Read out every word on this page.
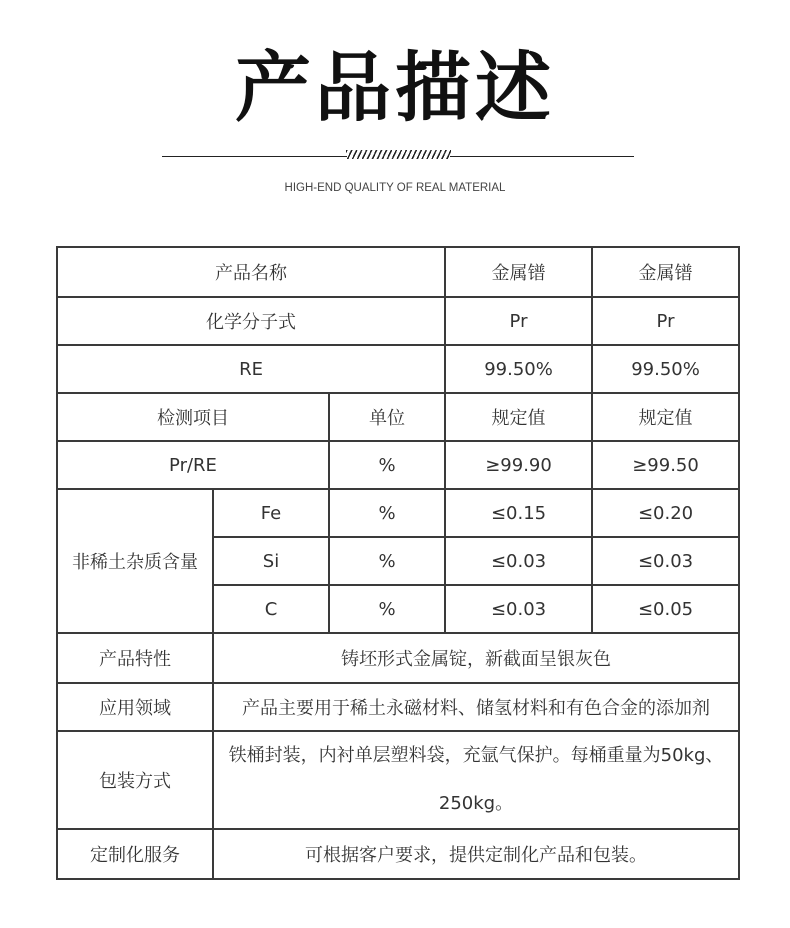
产品描述
HIGH-END QUALITY OF REAL MATERIAL
产品名称			金属镨	金属镨
化学分子式			Pr	Pr
RE			99.50%	99.50%
检测项目		单位	规定值	规定值
Pr/RE		%	≥99.90	≥99.50
非稀土杂质含量	Fe	%	≤0.15	≤0.20
	Si	%	≤0.03	≤0.03
	C	%	≤0.03	≤0.05
产品特性	铸坯形式金属锭，新截面呈银灰色			
应用领域	产品主要用于稀土永磁材料、储氢材料和有色合金的添加剂			
包装方式	铁桶封装，内衬单层塑料袋，充氩气保护。每桶重量为50kg、250kg。			
定制化服务	可根据客户要求，提供定制化产品和包装。			
